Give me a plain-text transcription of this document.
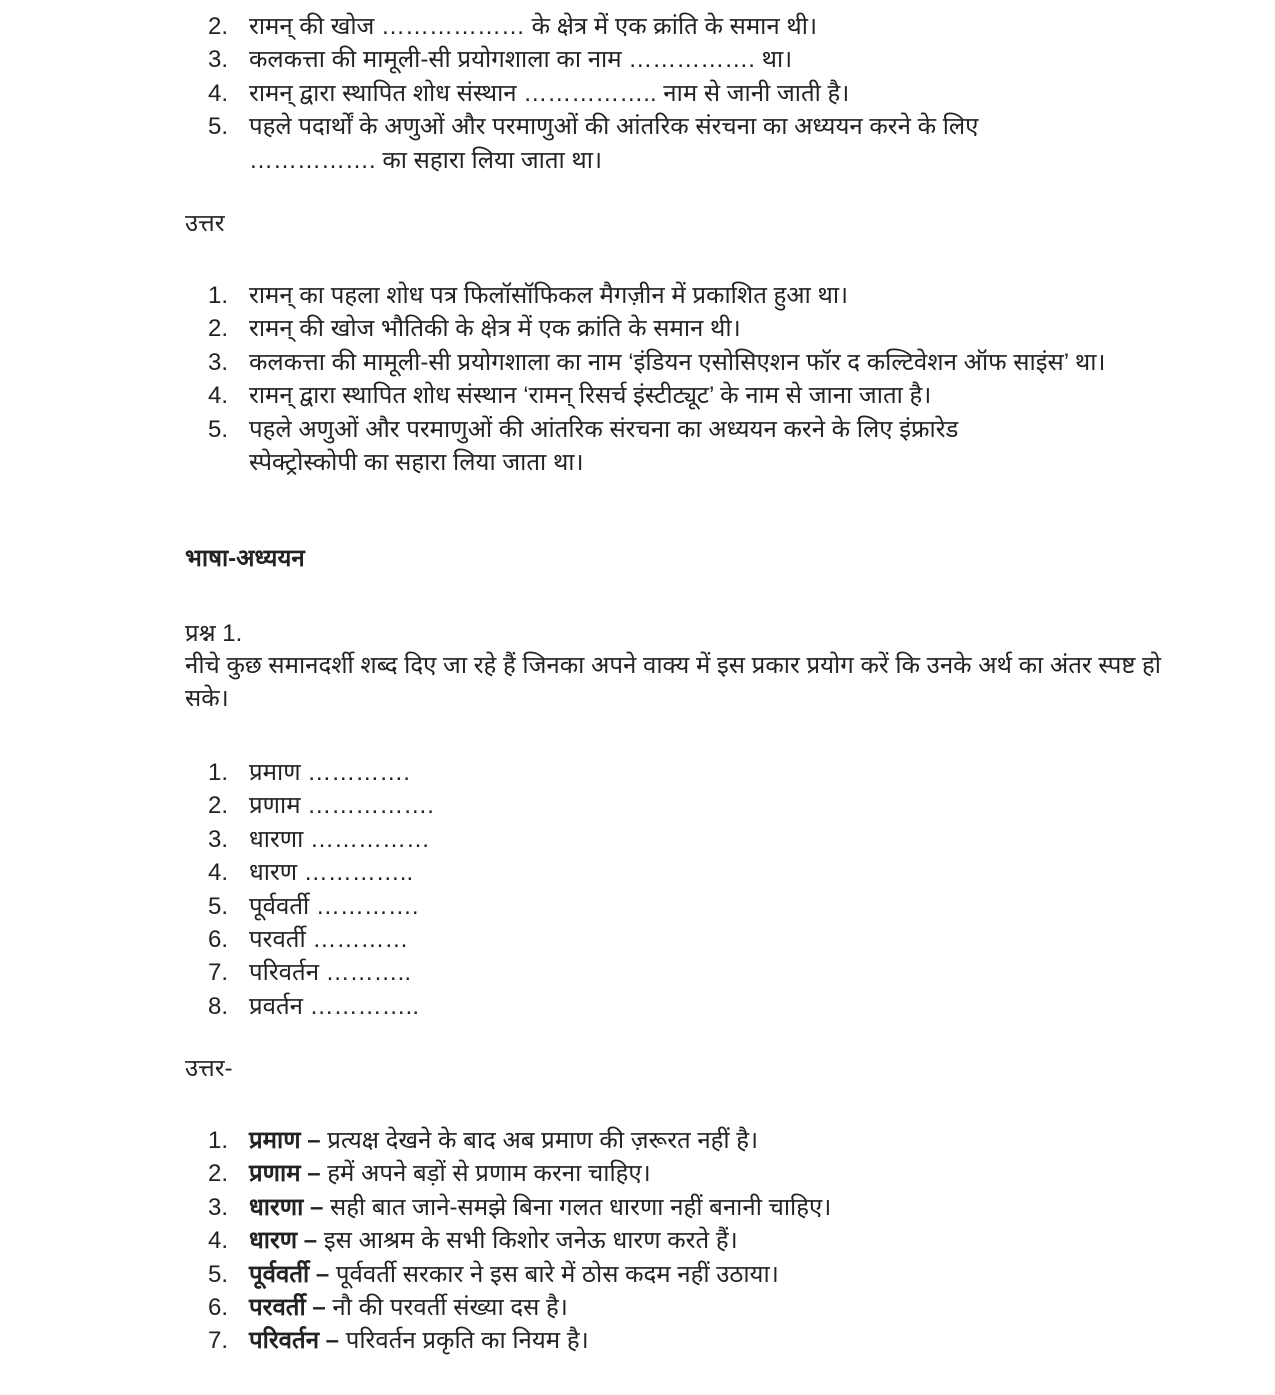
2. रामन् की खोज ……………… के क्षेत्र में एक क्रांति के समान थी।
3. कलकत्ता की मामूली-सी प्रयोगशाला का नाम ……………. था।
4. रामन् द्वारा स्थापित शोध संस्थान …………….. नाम से जानी जाती है।
5. पहले पदार्थों के अणुओं और परमाणुओं की आंतरिक संरचना का अध्ययन करने के लिए ……………. का सहारा लिया जाता था।
उत्तर
1. रामन् का पहला शोध पत्र फिलॉसॉफिकल मैगज़ीन में प्रकाशित हुआ था।
2. रामन् की खोज भौतिकी के क्षेत्र में एक क्रांति के समान थी।
3. कलकत्ता की मामूली-सी प्रयोगशाला का नाम ‘इंडियन एसोसिएशन फॉर द कल्टिवेशन ऑफ साइंस’ था।
4. रामन् द्वारा स्थापित शोध संस्थान ‘रामन् रिसर्च इंस्टीट्यूट’ के नाम से जाना जाता है।
5. पहले अणुओं और परमाणुओं की आंतरिक संरचना का अध्ययन करने के लिए इंफ्रारेड स्पेक्ट्रोस्कोपी का सहारा लिया जाता था।
भाषा-अध्ययन
प्रश्न 1.
नीचे कुछ समानदर्शी शब्द दिए जा रहे हैं जिनका अपने वाक्य में इस प्रकार प्रयोग करें कि उनके अर्थ का अंतर स्पष्ट हो सके।
1. प्रमाण ………….
2. प्रणाम …………….
3. धारणा ……………
4. धारण …………..
5. पूर्ववर्ती ………….
6. परवर्ती …………
7. परिवर्तन ………..
8. प्रवर्तन …………..
उत्तर-
1. प्रमाण – प्रत्यक्ष देखने के बाद अब प्रमाण की ज़रूरत नहीं है।
2. प्रणाम – हमें अपने बड़ों से प्रणाम करना चाहिए।
3. धारणा – सही बात जाने-समझे बिना गलत धारणा नहीं बनानी चाहिए।
4. धारण – इस आश्रम के सभी किशोर जनेऊ धारण करते हैं।
5. पूर्ववर्ती – पूर्ववर्ती सरकार ने इस बारे में ठोस कदम नहीं उठाया।
6. परवर्ती – नौ की परवर्ती संख्या दस है।
7. परिवर्तन – परिवर्तन प्रकृति का नियम है।
